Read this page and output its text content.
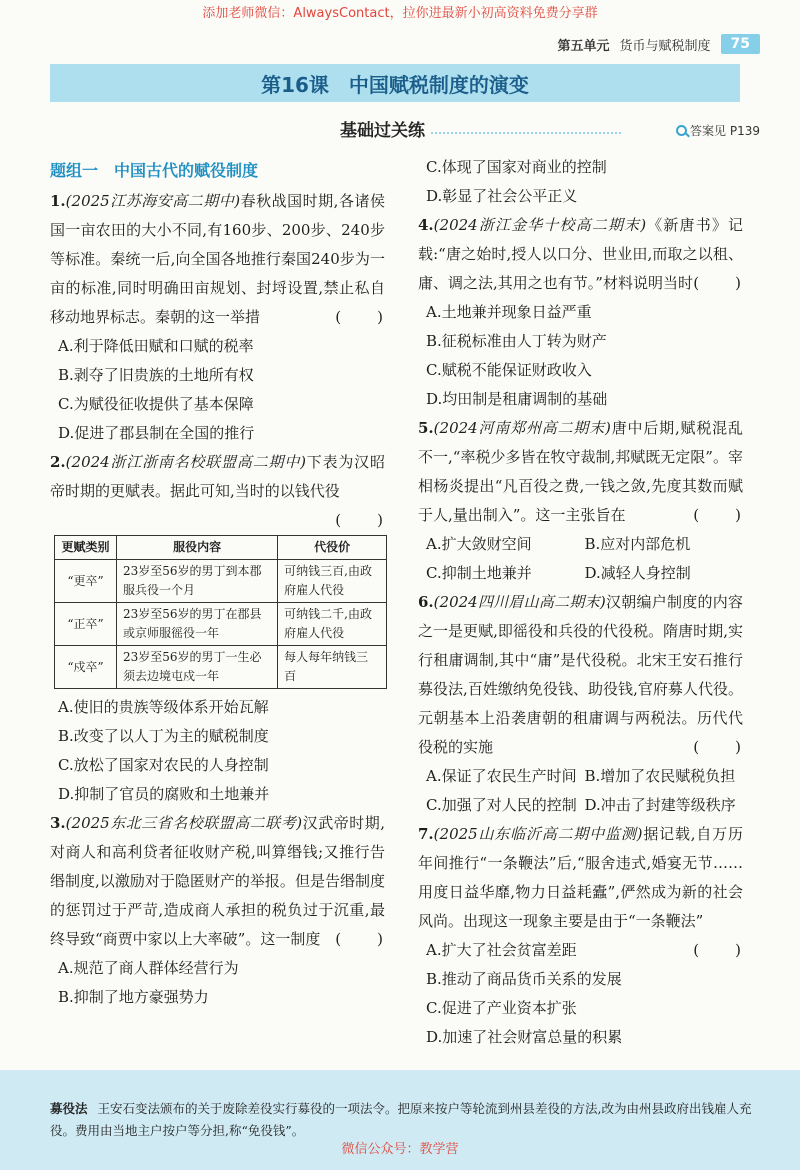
添加老师微信：AlwaysContact，拉你进最新小初高资料免费分享群
第五单元 货币与赋税制度	75
第16课　中国赋税制度的演变
基础过关练	答案见 P139
题组一　中国古代的赋役制度
1.(2025江苏海安高二期中)春秋战国时期,各诸侯国一亩农田的大小不同,有160步、200步、240步等标准。秦统一后,向全国各地推行秦国240步为一亩的标准,同时明确田亩规划、封埒设置,禁止私自移动地界标志。秦朝的这一举措	(　　)
A.利于降低田赋和口赋的税率
B.剥夺了旧贵族的土地所有权
C.为赋役征收提供了基本保障
D.促进了郡县制在全国的推行
2.(2024浙江浙南名校联盟高二期中)下表为汉昭帝时期的更赋表。据此可知,当时的以钱代役
(　　)
更赋类别	服役内容	代役价
“更卒”	23岁至56岁的男丁到本郡服兵役一个月	可纳钱三百,由政府雇人代役
“正卒”	23岁至56岁的男丁在郡县或京师服徭役一年	可纳钱二千,由政府雇人代役
“戍卒”	23岁至56岁的男丁一生必须去边境屯戍一年	每人每年纳钱三百
A.使旧的贵族等级体系开始瓦解
B.改变了以人丁为主的赋税制度
C.放松了国家对农民的人身控制
D.抑制了官员的腐败和土地兼并
3.(2025东北三省名校联盟高二联考)汉武帝时期,对商人和高利贷者征收财产税,叫算缗钱;又推行告缗制度,以激励对于隐匿财产的举报。但是告缗制度的惩罚过于严苛,造成商人承担的税负过于沉重,最终导致“商贾中家以上大率破”。这一制度 (　　)
A.规范了商人群体经营行为
B.抑制了地方豪强势力
C.体现了国家对商业的控制
D.彰显了社会公平正义
4.(2024浙江金华十校高二期末)《新唐书》记载:“唐之始时,授人以口分、世业田,而取之以租、庸、调之法,其用之也有节。”材料说明当时 (　　)
A.土地兼并现象日益严重
B.征税标准由人丁转为财产
C.赋税不能保证财政收入
D.均田制是租庸调制的基础
5.(2024河南郑州高二期末)唐中后期,赋税混乱不一,“率税少多皆在牧守裁制,邦赋既无定限”。宰相杨炎提出“凡百役之费,一钱之敛,先度其数而赋于人,量出制入”。这一主张旨在	(　　)
A.扩大敛财空间	B.应对内部危机
C.抑制土地兼并	D.减轻人身控制
6.(2024四川眉山高二期末)汉朝编户制度的内容之一是更赋,即徭役和兵役的代役税。隋唐时期,实行租庸调制,其中“庸”是代役税。北宋王安石推行募役法,百姓缴纳免役钱、助役钱,官府募人代役。元朝基本上沿袭唐朝的租庸调与两税法。历代代役税的实施	(　　)
A.保证了农民生产时间 B.增加了农民赋税负担
C.加强了对人民的控制 D.冲击了封建等级秩序
7.(2025山东临沂高二期中监测)据记载,自万历年间推行“一条鞭法”后,“服舍违式,婚宴无节……用度日益华靡,物力日益耗蠹”,俨然成为新的社会风尚。出现这一现象主要是由于“一条鞭法”
(　　)
A.扩大了社会贫富差距
B.推动了商品货币关系的发展
C.促进了产业资本扩张
D.加速了社会财富总量的积累
募役法 王安石变法颁布的关于废除差役实行募役的一项法令。把原来按户等轮流到州县差役的方法,改为由州县政府出钱雇人充役。费用由当地主户按户等分担,称“免役钱”。
微信公众号：教学营
